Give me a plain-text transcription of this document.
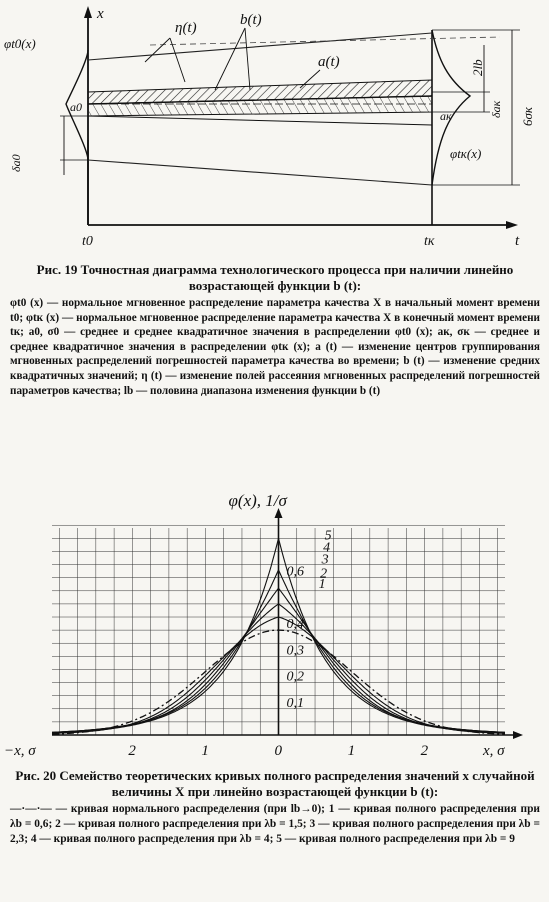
x
t
φt0(x)
η(t)	b(t)
a(t)
a0
aк
δa0
t0	tк
2lb
δaк 6σк
φtк(x)
Рис. 19 Точностная диаграмма технологического процесса при наличии линейно возрастающей функции b (t):
φt0 (x) — нормальное мгновенное распределение параметра качества X в начальный момент времени t0; φtк (x) — нормальное мгновенное распределение параметра качества X в конечный момент времени tк; a0, σ0 — среднее и среднее квадратичное значения в распределении φt0 (x); aк, σк — среднее и среднее квадратичное значения в распределении φtк (x); a (t) — изменение центров группирования мгновенных распределений погрешностей параметра качества во времени; b (t) — изменение средних квадратичных значений; η (t) — изменение полей рассеяния мгновенных распределений погрешностей параметров качества; lb — половина диапазона изменения функции b (t)
2	1	0	1	2
0,1
0,2
0,3
0,4
0,6
φ(x), 1/σ
x, σ
−x, σ
1
2
3
4
5
Рис. 20 Семейство теоретических кривых полного распределения значений x случайной величины X при линейно возрастающей функции b (t):
—·—·— — кривая нормального распределения (при lb→0); 1 — кривая полного распределения при λb = 0,6; 2 — кривая полного распределения при λb = 1,5; 3 — кривая полного распределения при λb = 2,3; 4 — кривая полного распределения при λb = 4; 5 — кривая полного распределения при λb = 9
